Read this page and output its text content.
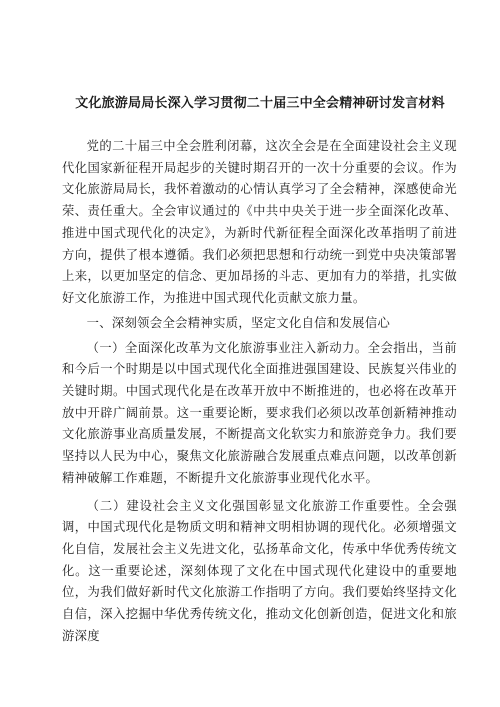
文化旅游局局长深入学习贯彻二十届三中全会精神研讨发言材料

党的二十届三中全会胜利闭幕，这次全会是在全面建设社会主义现代化国家新征程开局起步的关键时期召开的一次十分重要的会议。作为文化旅游局局长，我怀着激动的心情认真学习了全会精神，深感使命光荣、责任重大。全会审议通过的《中共中央关于进一步全面深化改革、推进中国式现代化的决定》，为新时代新征程全面深化改革指明了前进方向，提供了根本遵循。我们必须把思想和行动统一到党中央决策部署上来，以更加坚定的信念、更加昂扬的斗志、更加有力的举措，扎实做好文化旅游工作，为推进中国式现代化贡献文旅力量。

一、深刻领会全会精神实质，坚定文化自信和发展信心

（一）全面深化改革为文化旅游事业注入新动力。全会指出，当前和今后一个时期是以中国式现代化全面推进强国建设、民族复兴伟业的关键时期。中国式现代化是在改革开放中不断推进的，也必将在改革开放中开辟广阔前景。这一重要论断，要求我们必须以改革创新精神推动文化旅游事业高质量发展，不断提高文化软实力和旅游竞争力。我们要坚持以人民为中心，聚焦文化旅游融合发展重点难点问题，以改革创新精神破解工作难题，不断提升文化旅游事业现代化水平。

（二）建设社会主义文化强国彰显文化旅游工作重要性。全会强调，中国式现代化是物质文明和精神文明相协调的现代化。必须增强文化自信，发展社会主义先进文化，弘扬革命文化，传承中华优秀传统文化。这一重要论述，深刻体现了文化在中国式现代化建设中的重要地位，为我们做好新时代文化旅游工作指明了方向。我们要始终坚持文化自信，深入挖掘中华优秀传统文化，推动文化创新创造，促进文化和旅游深度
